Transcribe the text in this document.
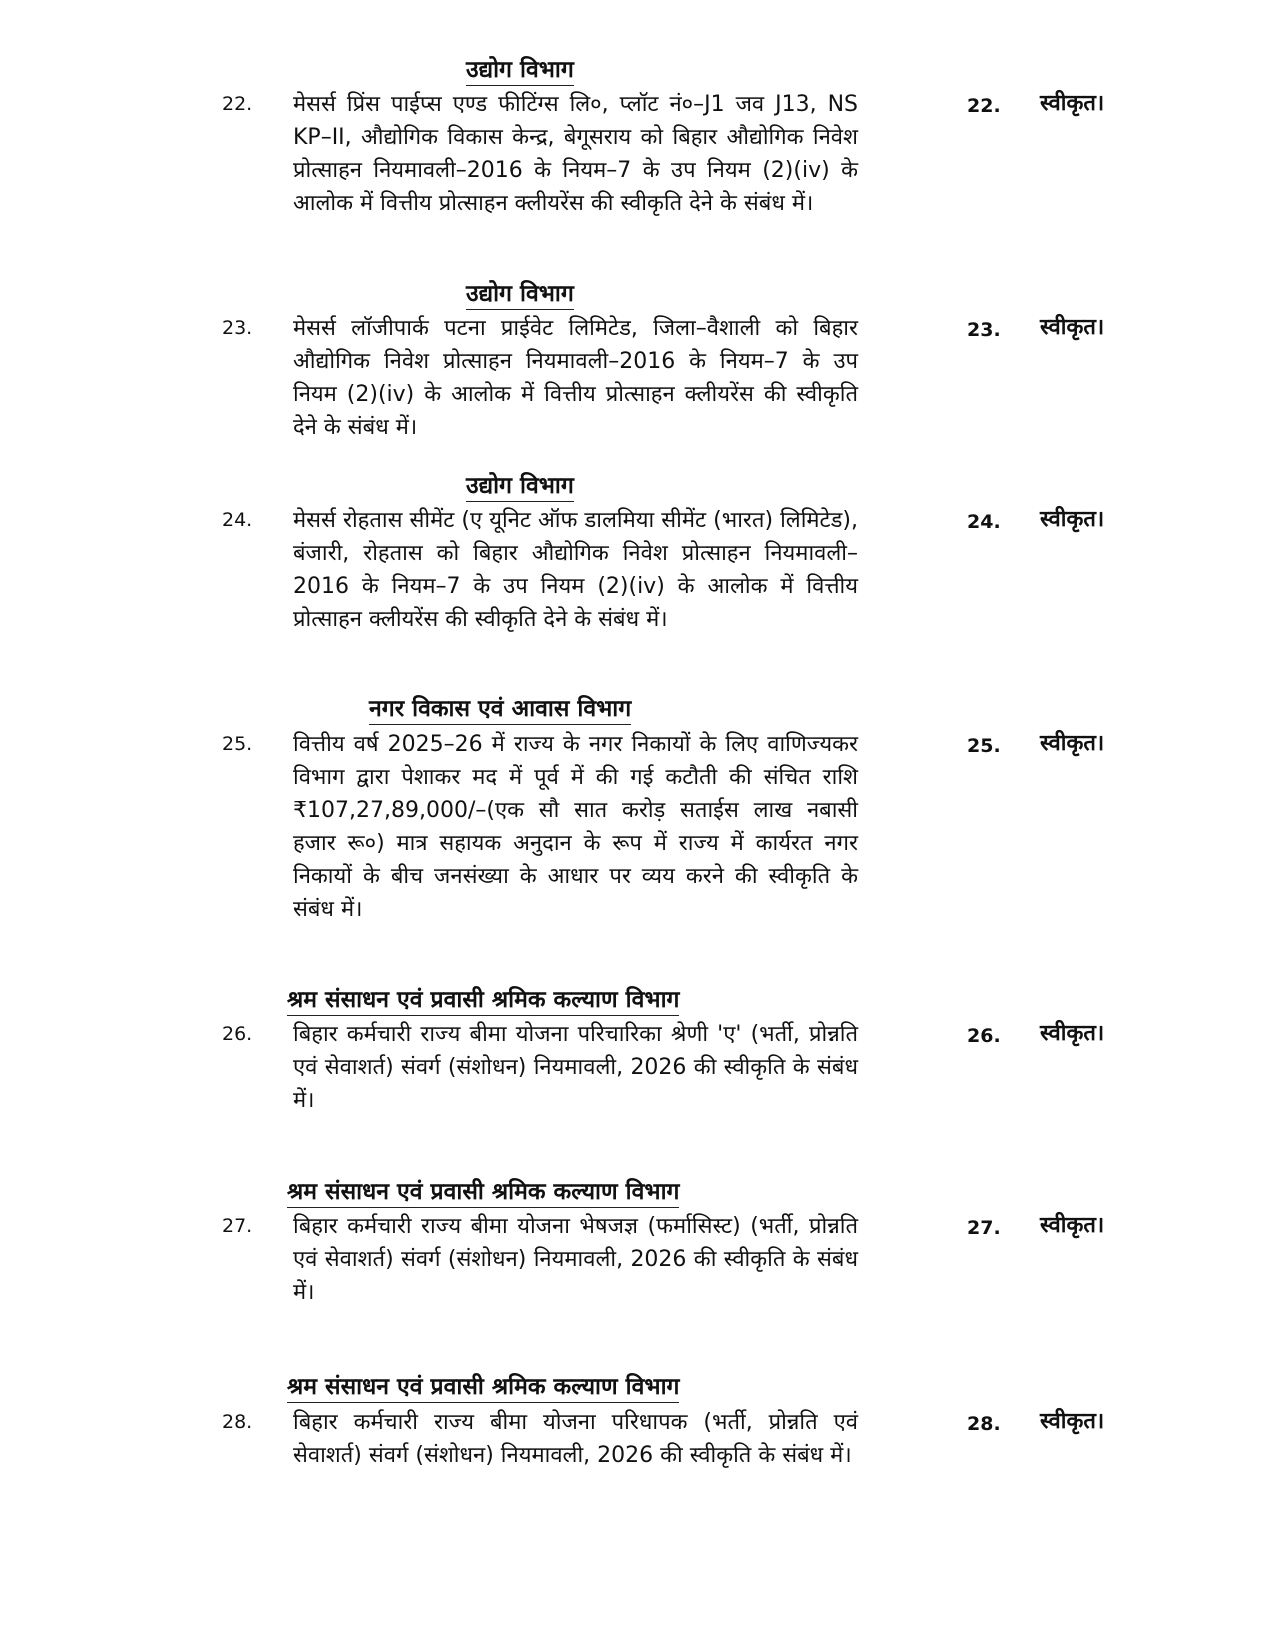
उद्योग विभाग
22. मेसर्स प्रिंस पाईप्स एण्ड फीटिंग्स लि०, प्लॉट नं०–J1 जव J13, NS KP–II, औद्योगिक विकास केन्द्र, बेगूसराय को बिहार औद्योगिक निवेश प्रोत्साहन नियमावली–2016 के नियम–7 के उप नियम (2)(iv) के आलोक में वित्तीय प्रोत्साहन क्लीयरेंस की स्वीकृति देने के संबंध में।
22. स्वीकृत।
उद्योग विभाग
23. मेसर्स लॉजीपार्क पटना प्राईवेट लिमिटेड, जिला–वैशाली को बिहार औद्योगिक निवेश प्रोत्साहन नियमावली–2016 के नियम–7 के उप नियम (2)(iv) के आलोक में वित्तीय प्रोत्साहन क्लीयरेंस की स्वीकृति देने के संबंध में।
23. स्वीकृत।
उद्योग विभाग
24. मेसर्स रोहतास सीमेंट (ए यूनिट ऑफ डालमिया सीमेंट (भारत) लिमिटेड), बंजारी, रोहतास को बिहार औद्योगिक निवेश प्रोत्साहन नियमावली–2016 के नियम–7 के उप नियम (2)(iv) के आलोक में वित्तीय प्रोत्साहन क्लीयरेंस की स्वीकृति देने के संबंध में।
24. स्वीकृत।
नगर विकास एवं आवास विभाग
25. वित्तीय वर्ष 2025–26 में राज्य के नगर निकायों के लिए वाणिज्यकर विभाग द्वारा पेशाकर मद में पूर्व में की गई कटौती की संचित राशि ₹107,27,89,000/–(एक सौ सात करोड़ सताईस लाख नबासी हजार रू०) मात्र सहायक अनुदान के रूप में राज्य में कार्यरत नगर निकायों के बीच जनसंख्या के आधार पर व्यय करने की स्वीकृति के संबंध में।
25. स्वीकृत।
श्रम संसाधन एवं प्रवासी श्रमिक कल्याण विभाग
26. बिहार कर्मचारी राज्य बीमा योजना परिचारिका श्रेणी 'ए' (भर्ती, प्रोन्नति एवं सेवाशर्त) संवर्ग (संशोधन) नियमावली, 2026 की स्वीकृति के संबंध में।
26. स्वीकृत।
श्रम संसाधन एवं प्रवासी श्रमिक कल्याण विभाग
27. बिहार कर्मचारी राज्य बीमा योजना भेषजज्ञ (फर्मासिस्ट) (भर्ती, प्रोन्नति एवं सेवाशर्त) संवर्ग (संशोधन) नियमावली, 2026 की स्वीकृति के संबंध में।
27. स्वीकृत।
श्रम संसाधन एवं प्रवासी श्रमिक कल्याण विभाग
28. बिहार कर्मचारी राज्य बीमा योजना परिधापक (भर्ती, प्रोन्नति एवं सेवाशर्त) संवर्ग (संशोधन) नियमावली, 2026 की स्वीकृति के संबंध में।
28. स्वीकृत।
